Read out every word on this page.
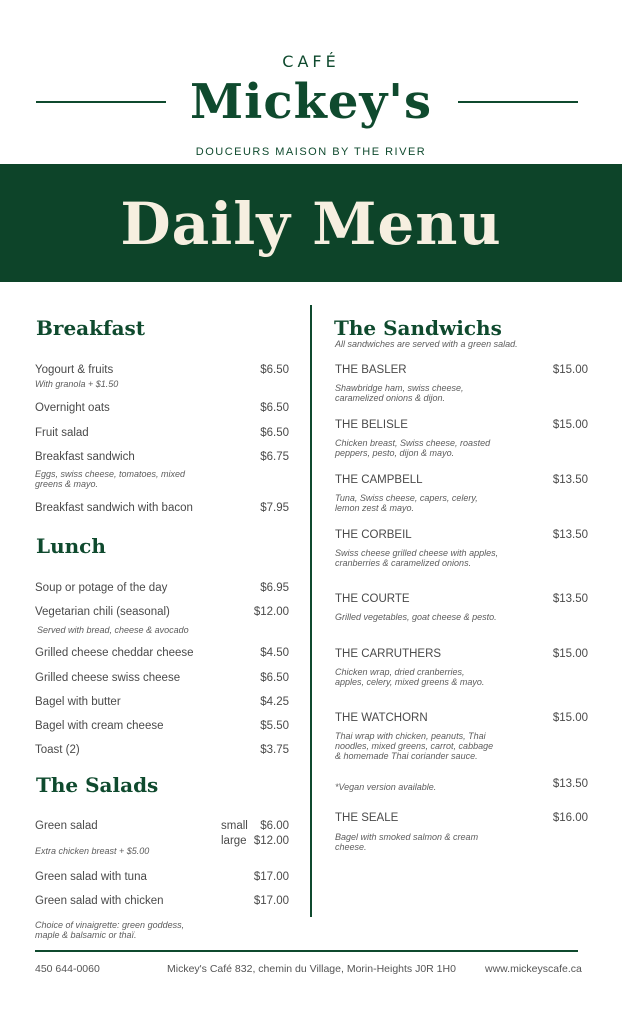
CAFÉ
Mickey's
DOUCEURS MAISON BY THE RIVER
Daily Menu
Breakfast
Yogourt & fruits	$6.50
With granola + $1.50
Overnight oats	$6.50
Fruit salad	$6.50
Breakfast sandwich	$6.75
Eggs, swiss cheese, tomatoes, mixed greens & mayo.
Breakfast sandwich with bacon	$7.95
Lunch
Soup or potage of the day	$6.95
Vegetarian chili (seasonal)	$12.00
Served with bread, cheese & avocado
Grilled cheese cheddar cheese	$4.50
Grilled cheese swiss cheese	$6.50
Bagel with butter	$4.25
Bagel with cream cheese	$5.50
Toast (2)	$3.75
The Salads
Green salad	small $6.00
large $12.00
Extra chicken breast + $5.00
Green salad with tuna	$17.00
Green salad with chicken	$17.00
Choice of vinaigrette: green goddess, maple & balsamic or thaï.
The Sandwichs
All sandwiches are served with a green salad.
THE BASLER	$15.00
Shawbridge ham, swiss cheese, caramelized onions & dijon.
THE BELISLE	$15.00
Chicken breast, Swiss cheese, roasted peppers, pesto, dijon & mayo.
THE CAMPBELL	$13.50
Tuna, Swiss cheese, capers, celery, lemon zest & mayo.
THE CORBEIL	$13.50
Swiss cheese grilled cheese with apples, cranberries & caramelized onions.
THE COURTE	$13.50
Grilled vegetables, goat cheese & pesto.
THE CARRUTHERS	$15.00
Chicken wrap, dried cranberries, apples, celery, mixed greens & mayo.
THE WATCHORN	$15.00
Thai wrap with chicken, peanuts, Thai noodles, mixed greens, carrot, cabbage & homemade Thai coriander sauce.
*Vegan version available.	$13.50
THE SEALE	$16.00
Bagel with smoked salmon & cream cheese.
450 644-0060	Mickey's Café 832, chemin du Village, Morin-Heights J0R 1H0	www.mickeyscafe.ca
